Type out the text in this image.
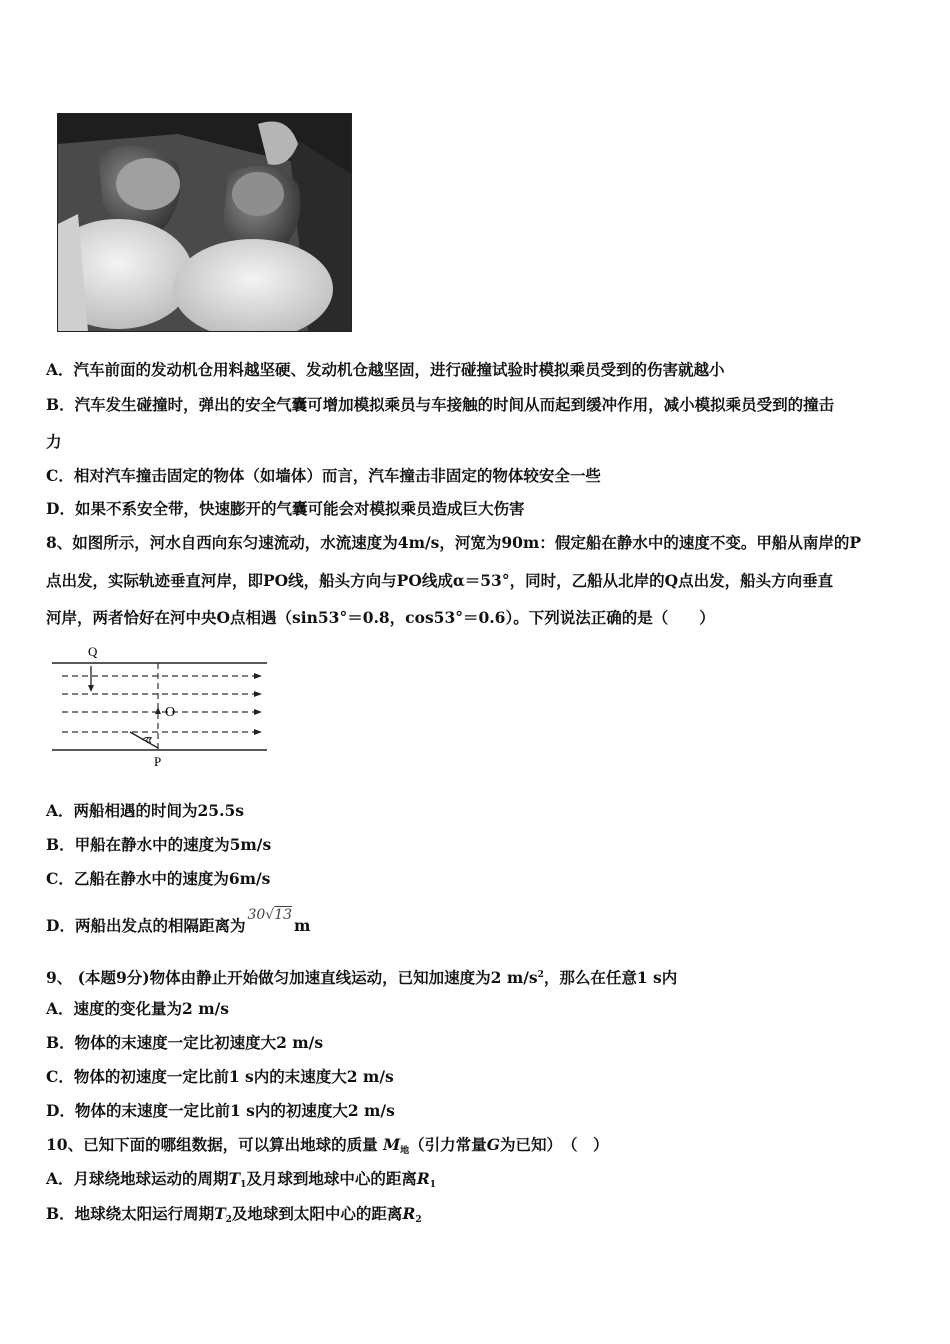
A．汽车前面的发动机仓用料越坚硬、发动机仓越坚固，进行碰撞试验时模拟乘员受到的伤害就越小
B．汽车发生碰撞时，弹出的安全气囊可增加模拟乘员与车接触的时间从而起到缓冲作用，减小模拟乘员受到的撞击
力
C．相对汽车撞击固定的物体（如墙体）而言，汽车撞击非固定的物体较安全一些
D．如果不系安全带，快速膨开的气囊可能会对模拟乘员造成巨大伤害
8、如图所示，河水自西向东匀速流动，水流速度为4m/s，河宽为90m：假定船在静水中的速度不变。甲船从南岸的P
点出发，实际轨迹垂直河岸，即PO线，船头方向与PO线成α＝53°，同时，乙船从北岸的Q点出发，船头方向垂直
河岸，两者恰好在河中央O点相遇（sin53°＝0.8，cos53°＝0.6）。下列说法正确的是（　　）
Q
O
P
α
A．两船相遇的时间为25.5s
B．甲船在静水中的速度为5m/s
C．乙船在静水中的速度为6m/s
D．两船出发点的相隔距离为30√13m
9、 (本题9分)物体由静止开始做匀加速直线运动，已知加速度为2 $m/s^2$，那么在任意1 s内
A．速度的变化量为2 m/s
B．物体的末速度一定比初速度大2 m/s
C．物体的初速度一定比前1 s内的末速度大2 m/s
D．物体的末速度一定比前1 s内的初速度大2 m/s
10、已知下面的哪组数据，可以算出地球的质量 $M_地$（引力常量G为已知）　（　）
A．月球绕地球运动的周期$T_1$及月球到地球中心的距离$R_1$
B．地球绕太阳运行周期$T_2$及地球到太阳中心的距离$R_2$
